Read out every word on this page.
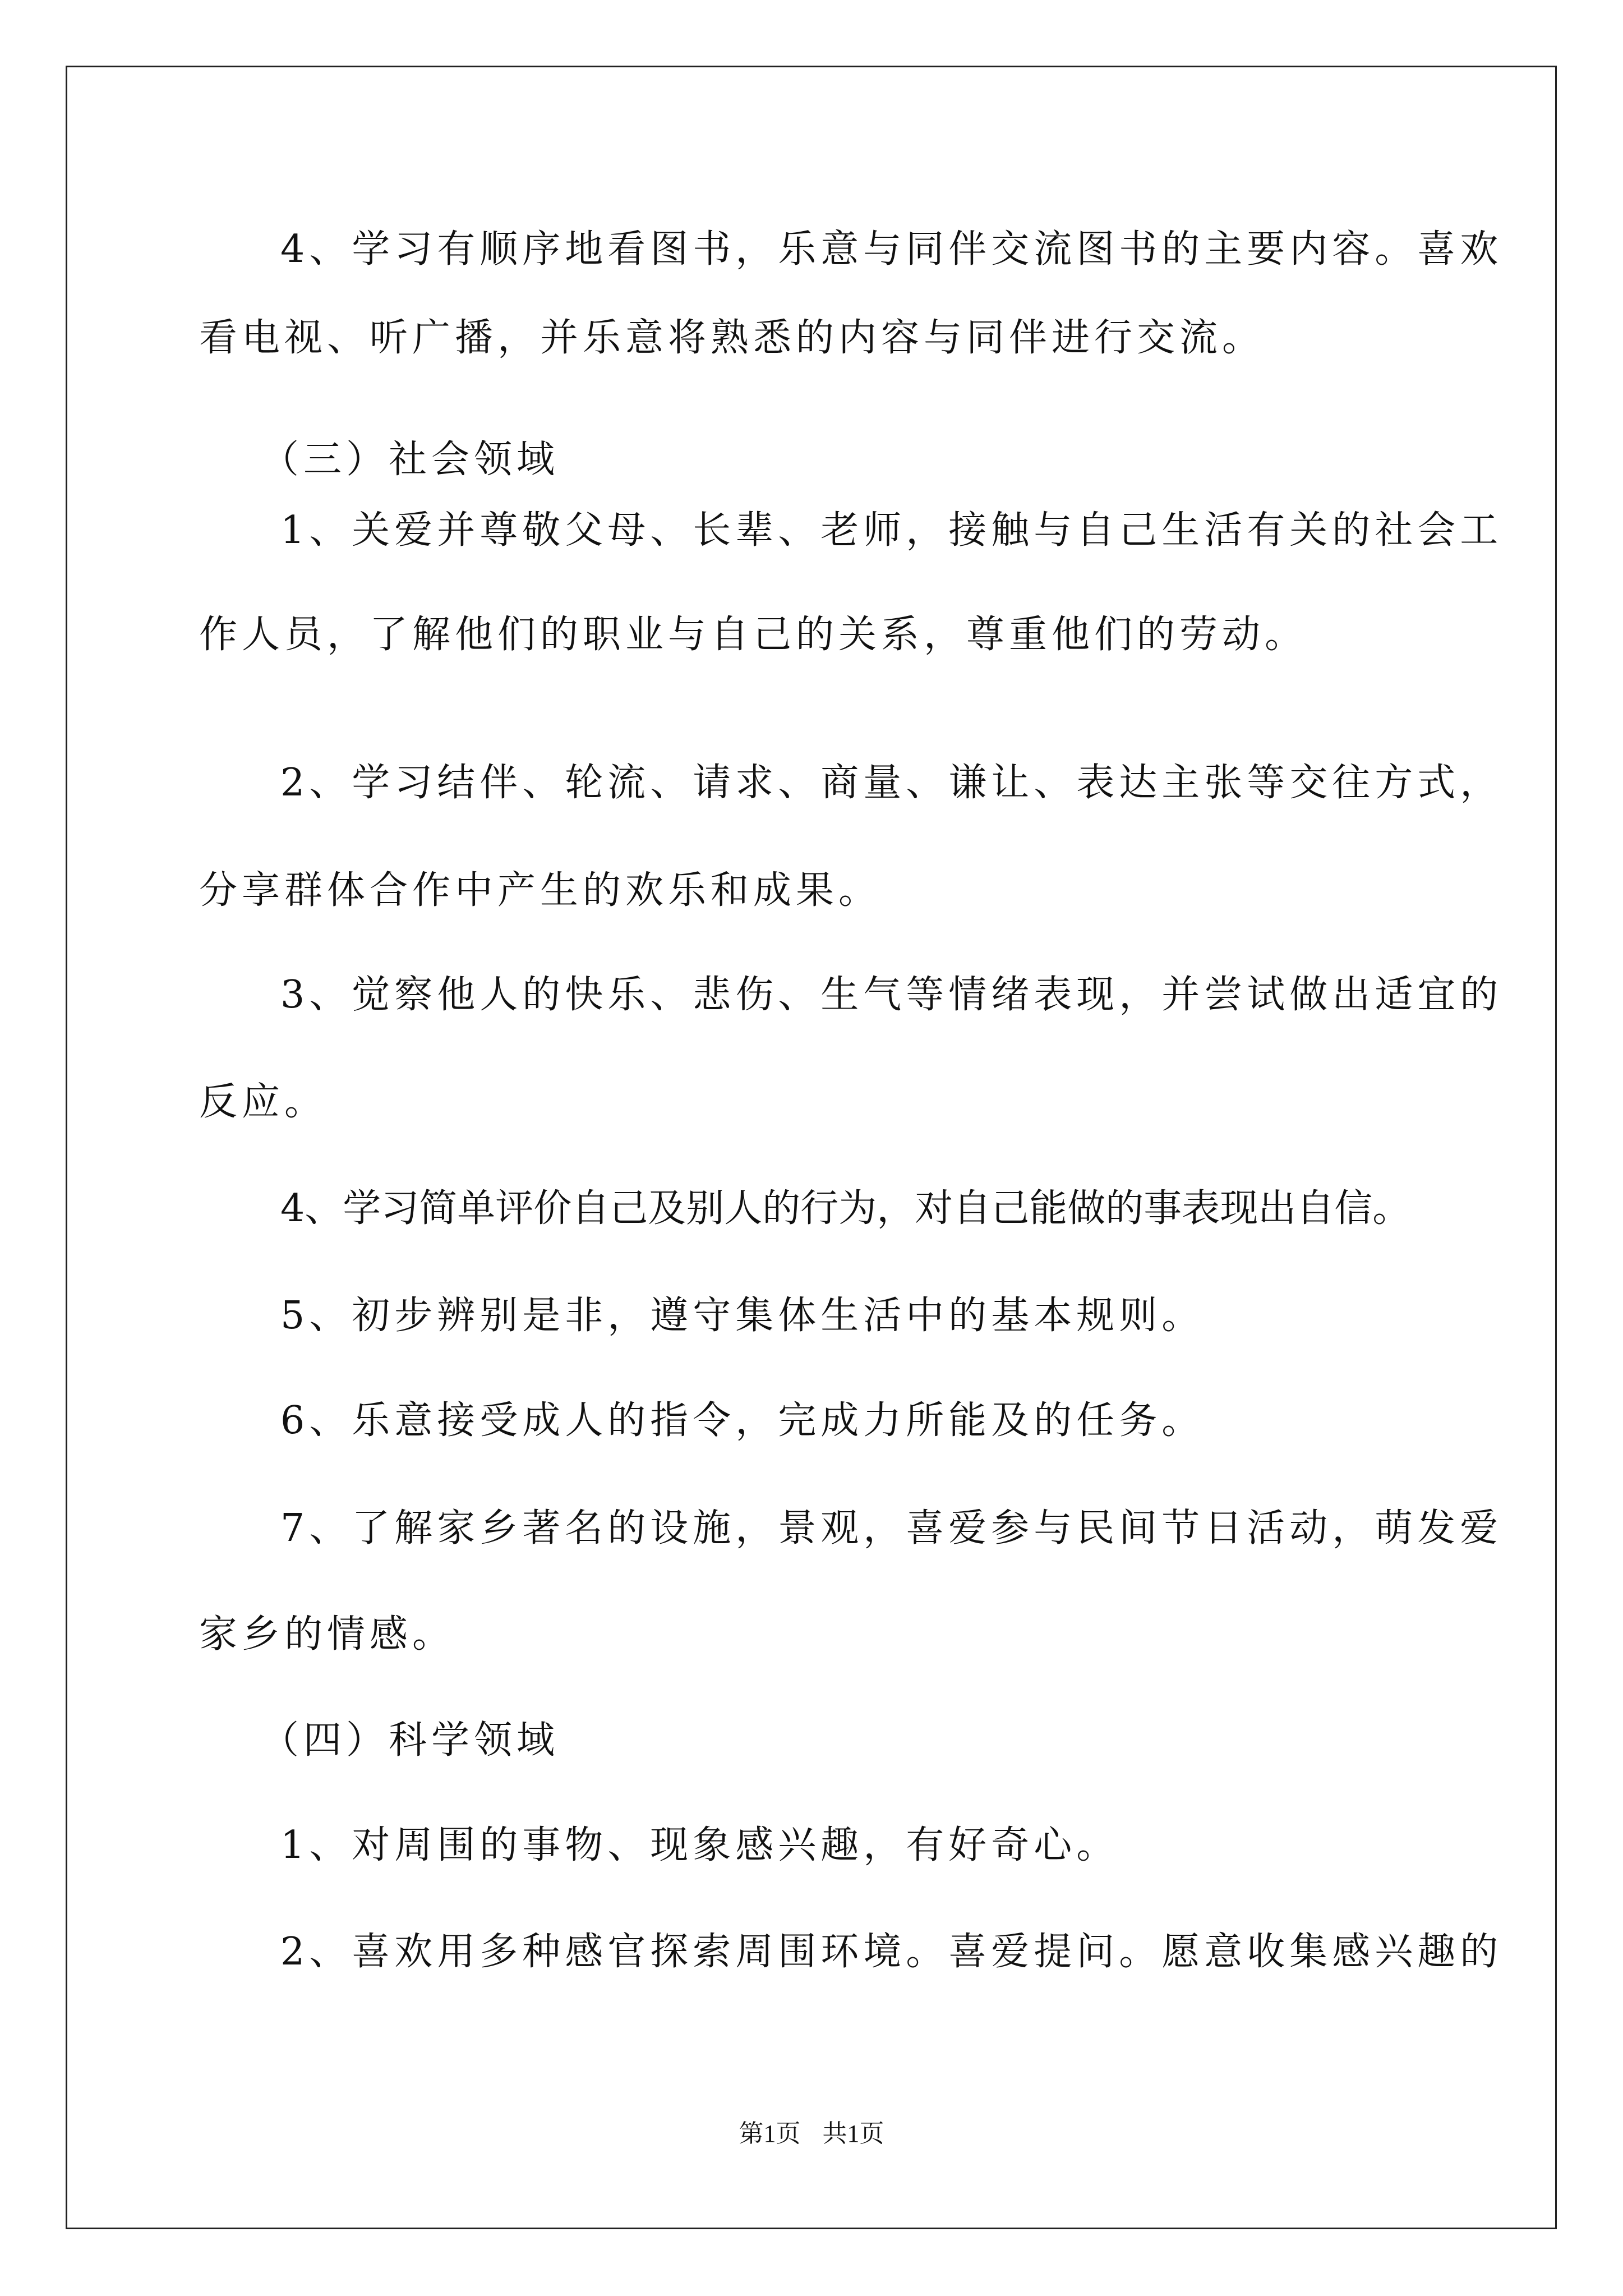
4、学习有顺序地看图书，乐意与同伴交流图书的主要内容。喜欢
看电视、听广播，并乐意将熟悉的内容与同伴进行交流。
（三）社会领域
1、关爱并尊敬父母、长辈、老师，接触与自己生活有关的社会工
作人员，了解他们的职业与自己的关系，尊重他们的劳动。
2、学习结伴、轮流、请求、商量、谦让、表达主张等交往方式，
分享群体合作中产生的欢乐和成果。
3、觉察他人的快乐、悲伤、生气等情绪表现，并尝试做出适宜的
反应。
4、学习简单评价自己及别人的行为，对自己能做的事表现出自信。
5、初步辨别是非，遵守集体生活中的基本规则。
6、乐意接受成人的指令，完成力所能及的任务。
7、了解家乡著名的设施，景观，喜爱参与民间节日活动，萌发爱
家乡的情感。
（四）科学领域
1、对周围的事物、现象感兴趣，有好奇心。
2、喜欢用多种感官探索周围环境。喜爱提问。愿意收集感兴趣的
第1页 共1页
